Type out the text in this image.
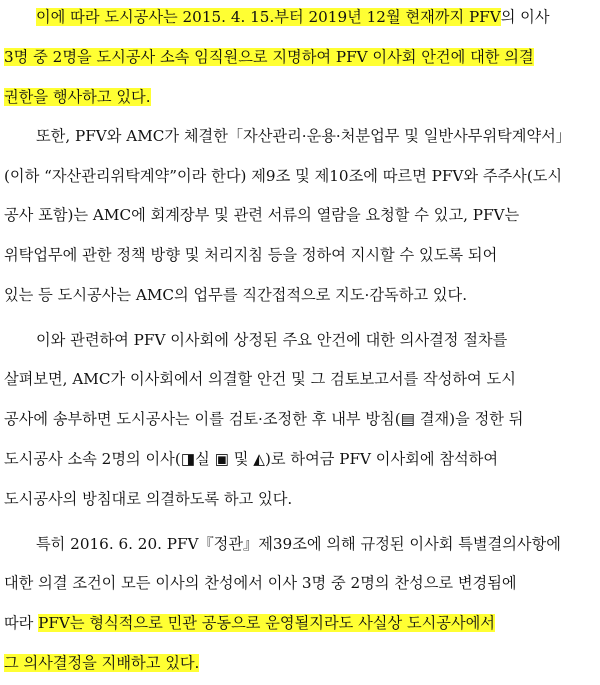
이에 따라 도시공사는 2015. 4. 15.부터 2019년 12월 현재까지 PFV의 이사
3명 중 2명을 도시공사 소속 임직원으로 지명하여 PFV 이사회 안건에 대한 의결
권한을 행사하고 있다.
또한, PFV와 AMC가 체결한「자산관리·운용·처분업무 및 일반사무위탁계약서」
(이하 “자산관리위탁계약”이라 한다) 제9조 및 제10조에 따르면 PFV와 주주사(도시
공사 포함)는 AMC에 회계장부 및 관련 서류의 열람을 요청할 수 있고, PFV는
위탁업무에 관한 정책 방향 및 처리지침 등을 정하여 지시할 수 있도록 되어
있는 등 도시공사는 AMC의 업무를 직간접적으로 지도·감독하고 있다.
이와 관련하여 PFV 이사회에 상정된 주요 안건에 대한 의사결정 절차를
살펴보면, AMC가 이사회에서 의결할 안건 및 그 검토보고서를 작성하여 도시
공사에 송부하면 도시공사는 이를 검토·조정한 후 내부 방침(▤ 결재)을 정한 뒤
도시공사 소속 2명의 이사(◨실 ▣ 및 ◭)로 하여금 PFV 이사회에 참석하여
도시공사의 방침대로 의결하도록 하고 있다.
특히 2016. 6. 20. PFV『정관』제39조에 의해 규정된 이사회 특별결의사항에
대한 의결 조건이 모든 이사의 찬성에서 이사 3명 중 2명의 찬성으로 변경됨에
따라 PFV는 형식적으로 민관 공동으로 운영될지라도 사실상 도시공사에서
그 의사결정을 지배하고 있다.
